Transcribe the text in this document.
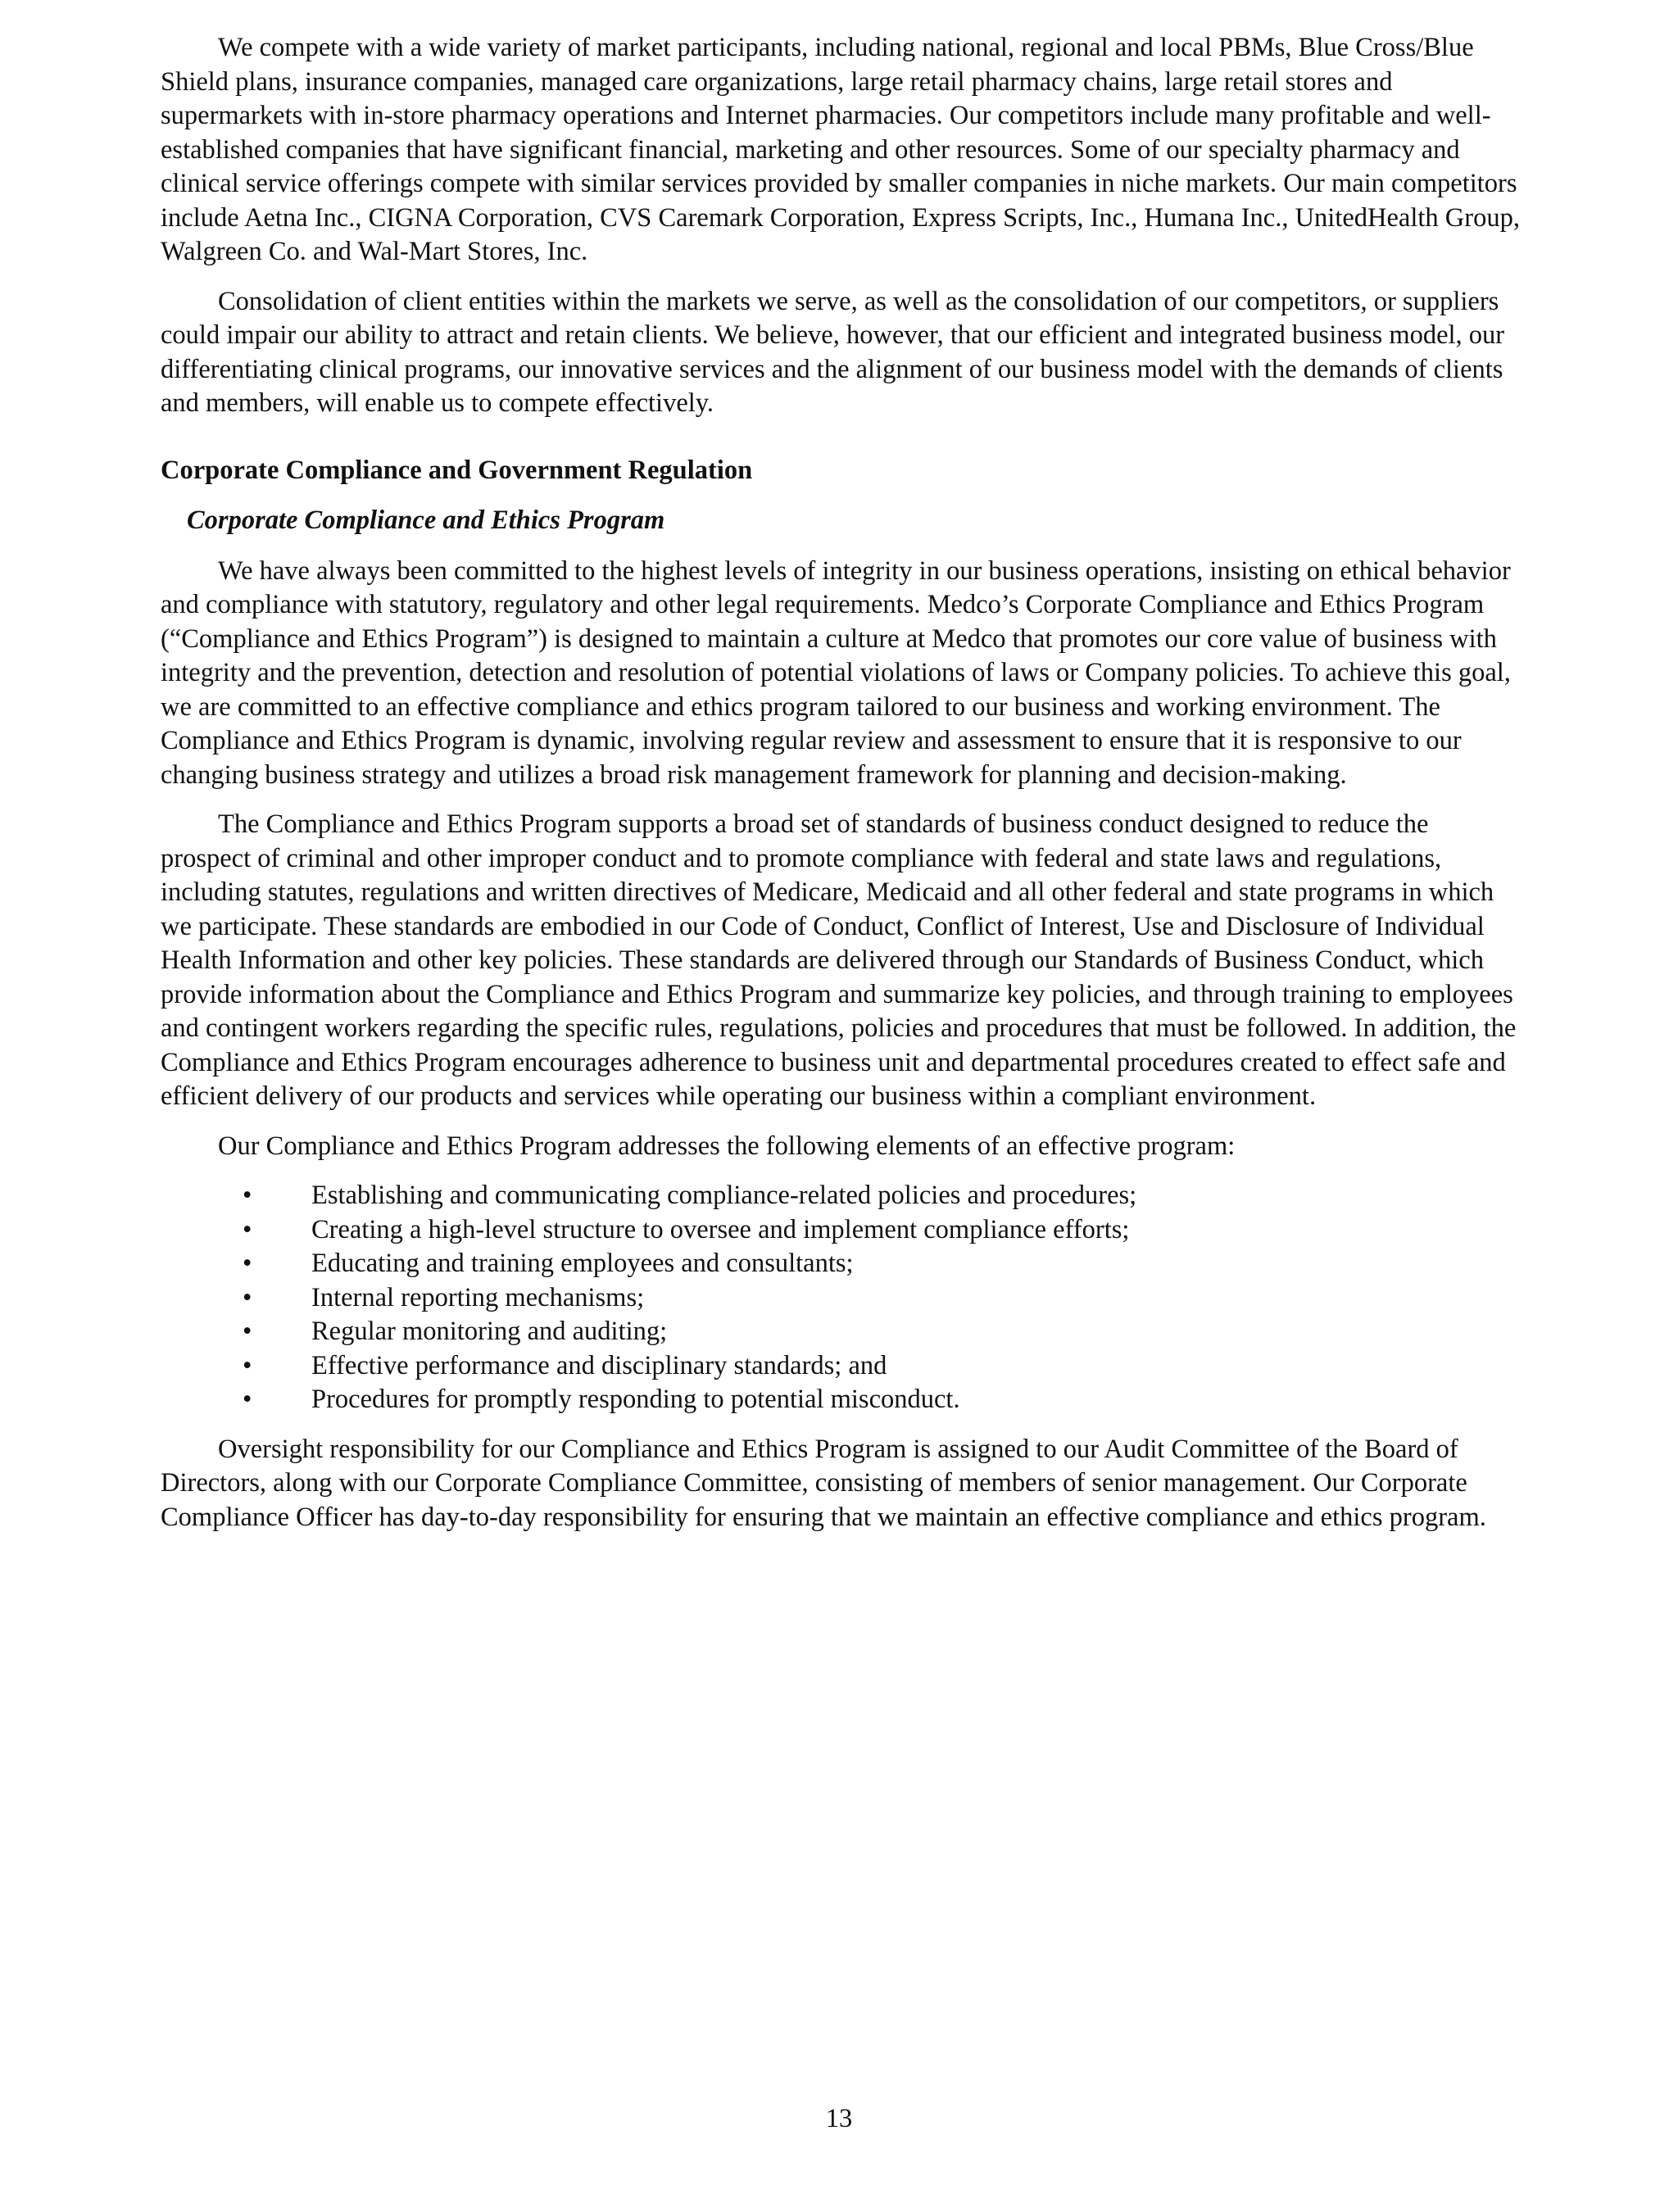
We compete with a wide variety of market participants, including national, regional and local PBMs, Blue Cross/Blue Shield plans, insurance companies, managed care organizations, large retail pharmacy chains, large retail stores and supermarkets with in-store pharmacy operations and Internet pharmacies. Our competitors include many profitable and well-established companies that have significant financial, marketing and other resources. Some of our specialty pharmacy and clinical service offerings compete with similar services provided by smaller companies in niche markets. Our main competitors include Aetna Inc., CIGNA Corporation, CVS Caremark Corporation, Express Scripts, Inc., Humana Inc., UnitedHealth Group, Walgreen Co. and Wal-Mart Stores, Inc.

Consolidation of client entities within the markets we serve, as well as the consolidation of our competitors, or suppliers could impair our ability to attract and retain clients. We believe, however, that our efficient and integrated business model, our differentiating clinical programs, our innovative services and the alignment of our business model with the demands of clients and members, will enable us to compete effectively.

Corporate Compliance and Government Regulation
Corporate Compliance and Ethics Program

We have always been committed to the highest levels of integrity in our business operations, insisting on ethical behavior and compliance with statutory, regulatory and other legal requirements. Medco’s Corporate Compliance and Ethics Program (“Compliance and Ethics Program”) is designed to maintain a culture at Medco that promotes our core value of business with integrity and the prevention, detection and resolution of potential violations of laws or Company policies. To achieve this goal, we are committed to an effective compliance and ethics program tailored to our business and working environment. The Compliance and Ethics Program is dynamic, involving regular review and assessment to ensure that it is responsive to our changing business strategy and utilizes a broad risk management framework for planning and decision-making.

The Compliance and Ethics Program supports a broad set of standards of business conduct designed to reduce the prospect of criminal and other improper conduct and to promote compliance with federal and state laws and regulations, including statutes, regulations and written directives of Medicare, Medicaid and all other federal and state programs in which we participate. These standards are embodied in our Code of Conduct, Conflict of Interest, Use and Disclosure of Individual Health Information and other key policies. These standards are delivered through our Standards of Business Conduct, which provide information about the Compliance and Ethics Program and summarize key policies, and through training to employees and contingent workers regarding the specific rules, regulations, policies and procedures that must be followed. In addition, the Compliance and Ethics Program encourages adherence to business unit and departmental procedures created to effect safe and efficient delivery of our products and services while operating our business within a compliant environment.

Our Compliance and Ethics Program addresses the following elements of an effective program:

• Establishing and communicating compliance-related policies and procedures;
• Creating a high-level structure to oversee and implement compliance efforts;
• Educating and training employees and consultants;
• Internal reporting mechanisms;
• Regular monitoring and auditing;
• Effective performance and disciplinary standards; and
• Procedures for promptly responding to potential misconduct.

Oversight responsibility for our Compliance and Ethics Program is assigned to our Audit Committee of the Board of Directors, along with our Corporate Compliance Committee, consisting of members of senior management. Our Corporate Compliance Officer has day-to-day responsibility for ensuring that we maintain an effective compliance and ethics program.

13
